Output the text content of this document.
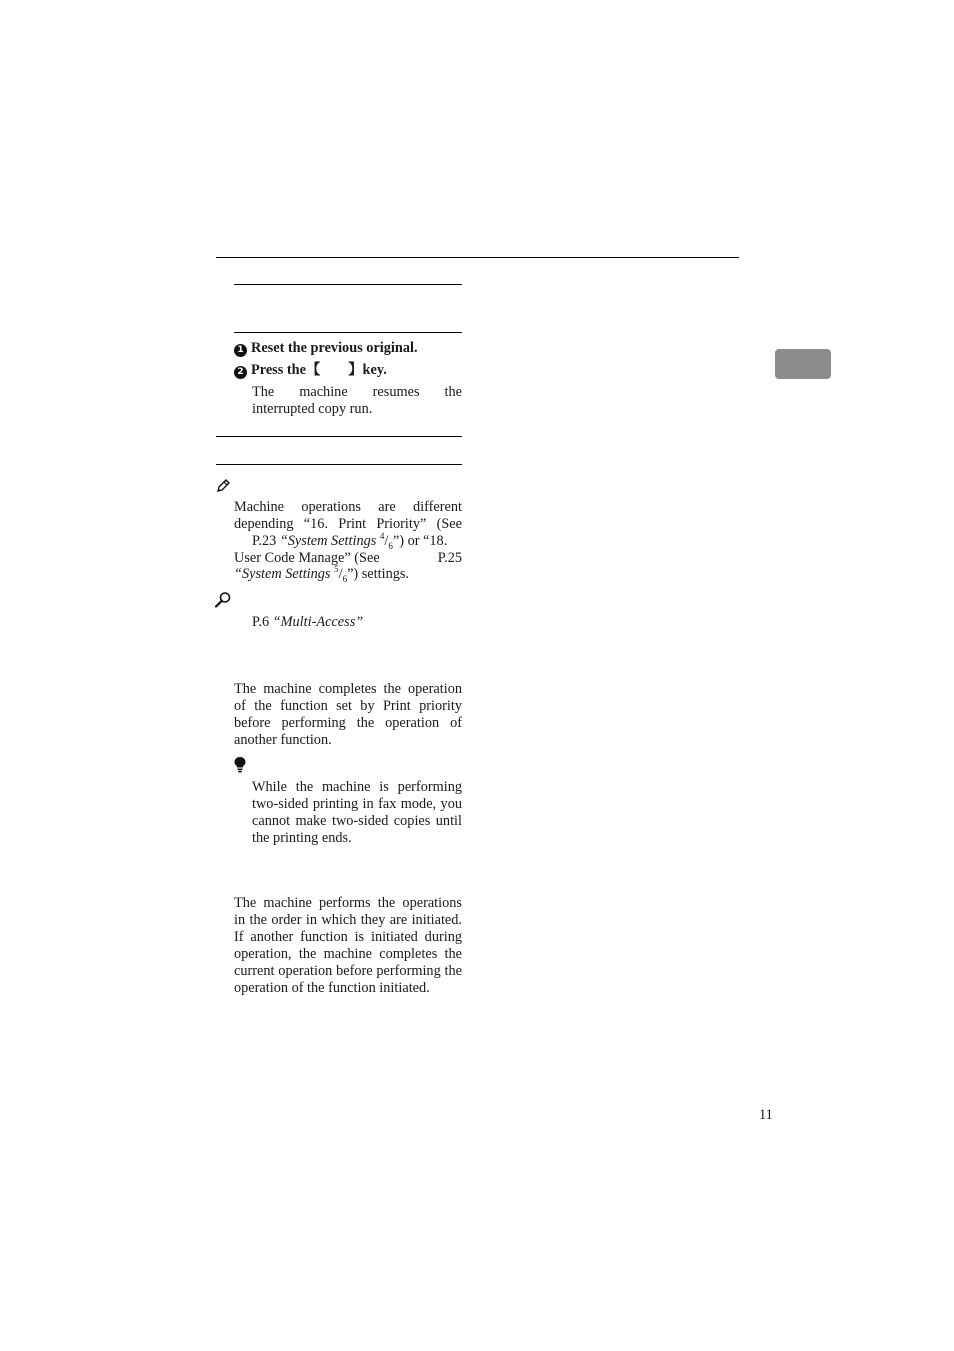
1 Reset the previous original.
2 Press the【 】key.
The machine resumes the interrupted copy run.
Machine operations are different depending “16. Print Priority” (See
P.23 “System Settings $^4/_6$”) or “18.
User Code Manage” (See	P.25
“System Settings $^5/_6$”) settings.
P.6 “Multi-Access”
The machine completes the operation of the function set by Print priority before performing the operation of another function.
While the machine is performing two-sided printing in fax mode, you cannot make two-sided copies until the printing ends.
The machine performs the operations in the order in which they are initiated. If another function is initiated during operation, the machine completes the current operation before performing the operation of the function initiated.
11
